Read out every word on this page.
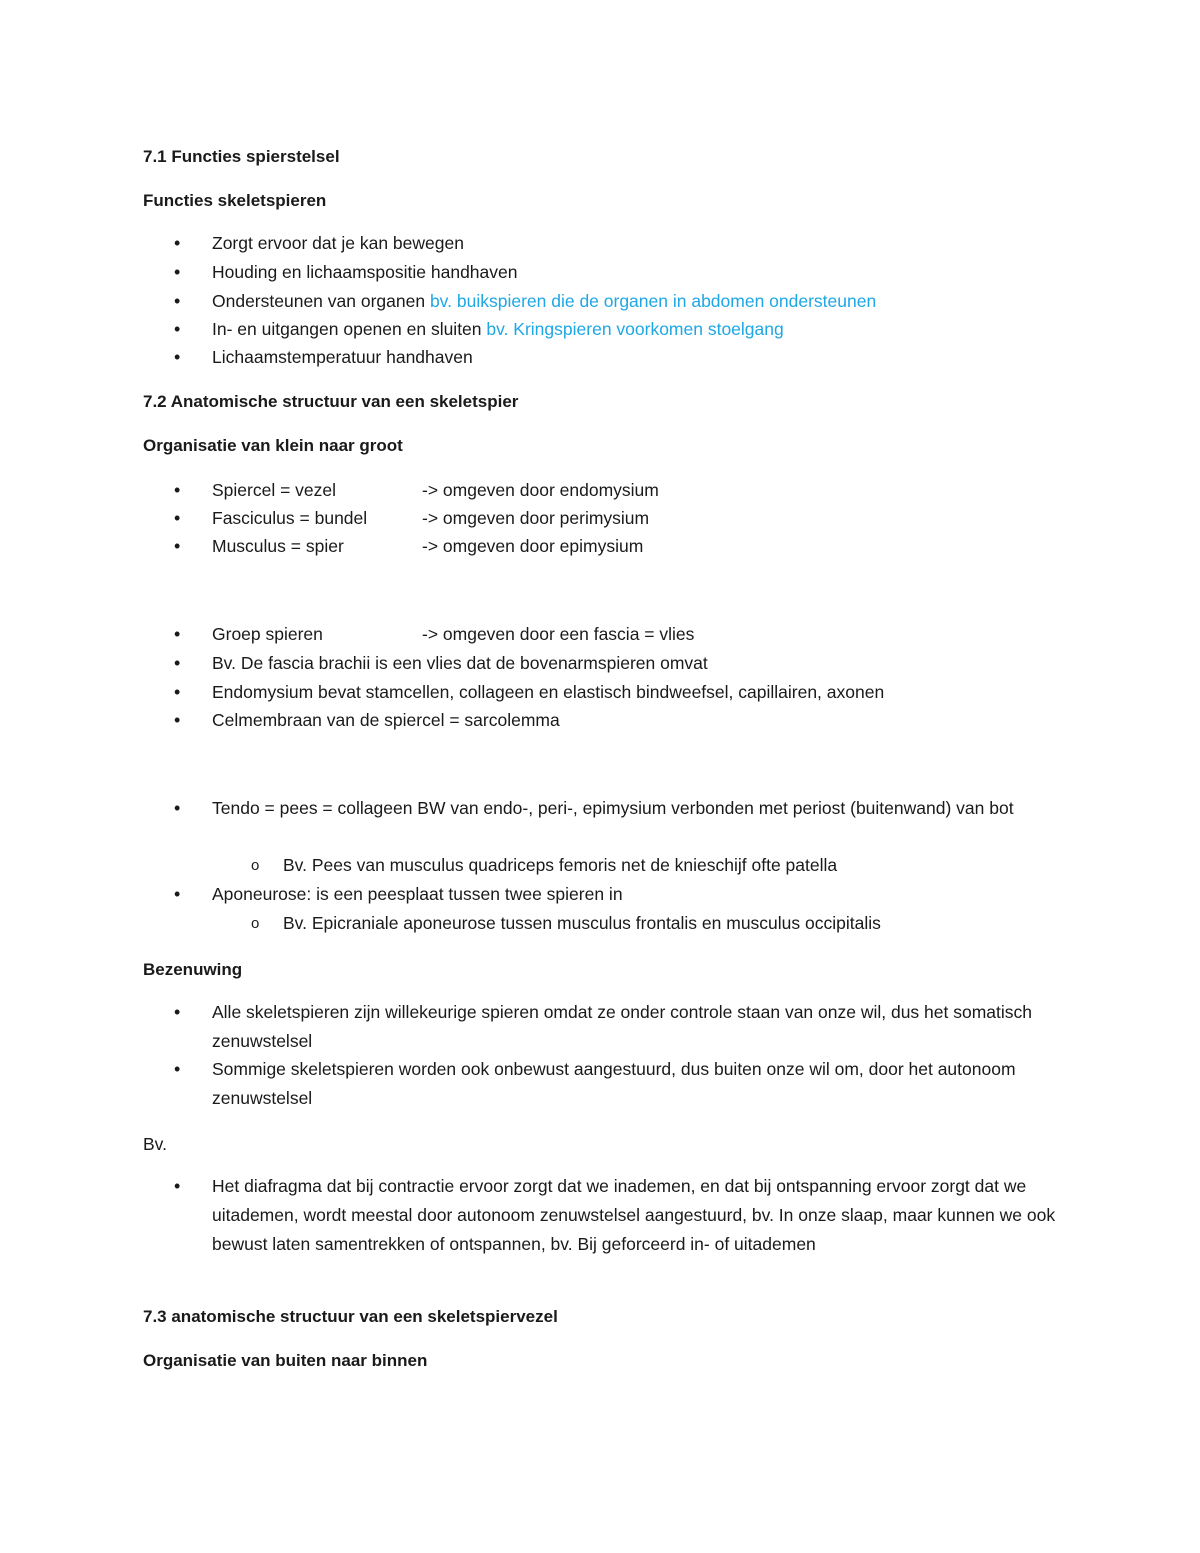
7.1 Functies spierstelsel

Functies skeletspieren

• Zorgt ervoor dat je kan bewegen
• Houding en lichaamspositie handhaven
• Ondersteunen van organen bv. buikspieren die de organen in abdomen ondersteunen
• In- en uitgangen openen en sluiten bv. Kringspieren voorkomen stoelgang
• Lichaamstemperatuur handhaven

7.2 Anatomische structuur van een skeletspier

Organisatie van klein naar groot

• Spiercel = vezel	-> omgeven door endomysium
• Fasciculus = bundel	-> omgeven door perimysium
• Musculus = spier	-> omgeven door epimysium
• Groep spieren	-> omgeven door een fascia = vlies
• Bv. De fascia brachii is een vlies dat de bovenarmspieren omvat
• Endomysium bevat stamcellen, collageen en elastisch bindweefsel, capillairen, axonen
• Celmembraan van de spiercel = sarcolemma
• Tendo = pees = collageen BW van endo-, peri-, epimysium verbonden met periost (buitenwand) van bot
o Bv. Pees van musculus quadriceps femoris net de knieschijf ofte patella
• Aponeurose: is een peesplaat tussen twee spieren in
o Bv. Epicraniale aponeurose tussen musculus frontalis en musculus occipitalis

Bezenuwing

• Alle skeletspieren zijn willekeurige spieren omdat ze onder controle staan van onze wil, dus het somatisch zenuwstelsel
• Sommige skeletspieren worden ook onbewust aangestuurd, dus buiten onze wil om, door het autonoom zenuwstelsel

Bv.

• Het diafragma dat bij contractie ervoor zorgt dat we inademen, en dat bij ontspanning ervoor zorgt dat we uitademen, wordt meestal door autonoom zenuwstelsel aangestuurd, bv. In onze slaap, maar kunnen we ook bewust laten samentrekken of ontspannen, bv. Bij geforceerd in- of uitademen

7.3 anatomische structuur van een skeletspiervezel

Organisatie van buiten naar binnen
